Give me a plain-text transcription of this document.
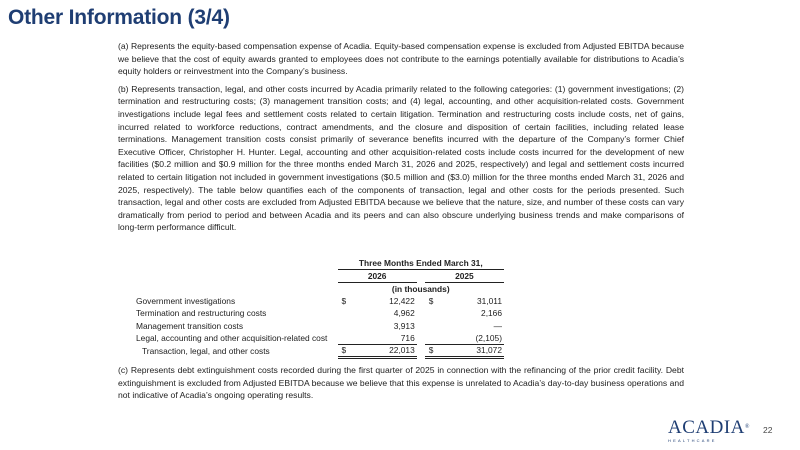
Other Information (3/4)

(a) Represents the equity-based compensation expense of Acadia. Equity-based compensation expense is excluded from Adjusted EBITDA because we believe that the cost of equity awards granted to employees does not contribute to the earnings potentially available for distributions to Acadia’s equity holders or reinvestment into the Company’s business.

(b) Represents transaction, legal, and other costs incurred by Acadia primarily related to the following categories: (1) government investigations; (2) termination and restructuring costs; (3) management transition costs; and (4) legal, accounting, and other acquisition-related costs. Government investigations include legal fees and settlement costs related to certain litigation. Termination and restructuring costs include costs, net of gains, incurred related to workforce reductions, contract amendments, and the closure and disposition of certain facilities, including related lease terminations. Management transition costs consist primarily of severance benefits incurred with the departure of the Company’s former Chief Executive Officer, Christopher H. Hunter. Legal, accounting and other acquisition-related costs include costs incurred for the development of new facilities ($0.2 million and $0.9 million for the three months ended March 31, 2026 and 2025, respectively) and legal and settlement costs incurred related to certain litigation not included in government investigations ($0.5 million and ($3.0) million for the three months ended March 31, 2026 and 2025, respectively). The table below quantifies each of the components of transaction, legal and other costs for the periods presented. Such transaction, legal and other costs are excluded from Adjusted EBITDA because we believe that the nature, size, and number of these costs can vary dramatically from period to period and between Acadia and its peers and can also obscure underlying business trends and make comparisons of long-term performance difficult.

	Three Months Ended March 31,				
	2026			2025	
	(in thousands)				
Government investigations	$	12,422		$	31,011
Termination and restructuring costs		4,962			2,166
Management transition costs		3,913			—
Legal, accounting and other acquisition-related cost		716			(2,105)
Transaction, legal, and other costs	$	22,013		$	31,072

(c) Represents debt extinguishment costs recorded during the first quarter of 2025 in connection with the refinancing of the prior credit facility. Debt extinguishment is excluded from Adjusted EBITDA because we believe that this expense is unrelated to Acadia’s day-to-day business operations and not indicative of Acadia’s ongoing operating results.

ACADIA®
HEALTHCARE
22
